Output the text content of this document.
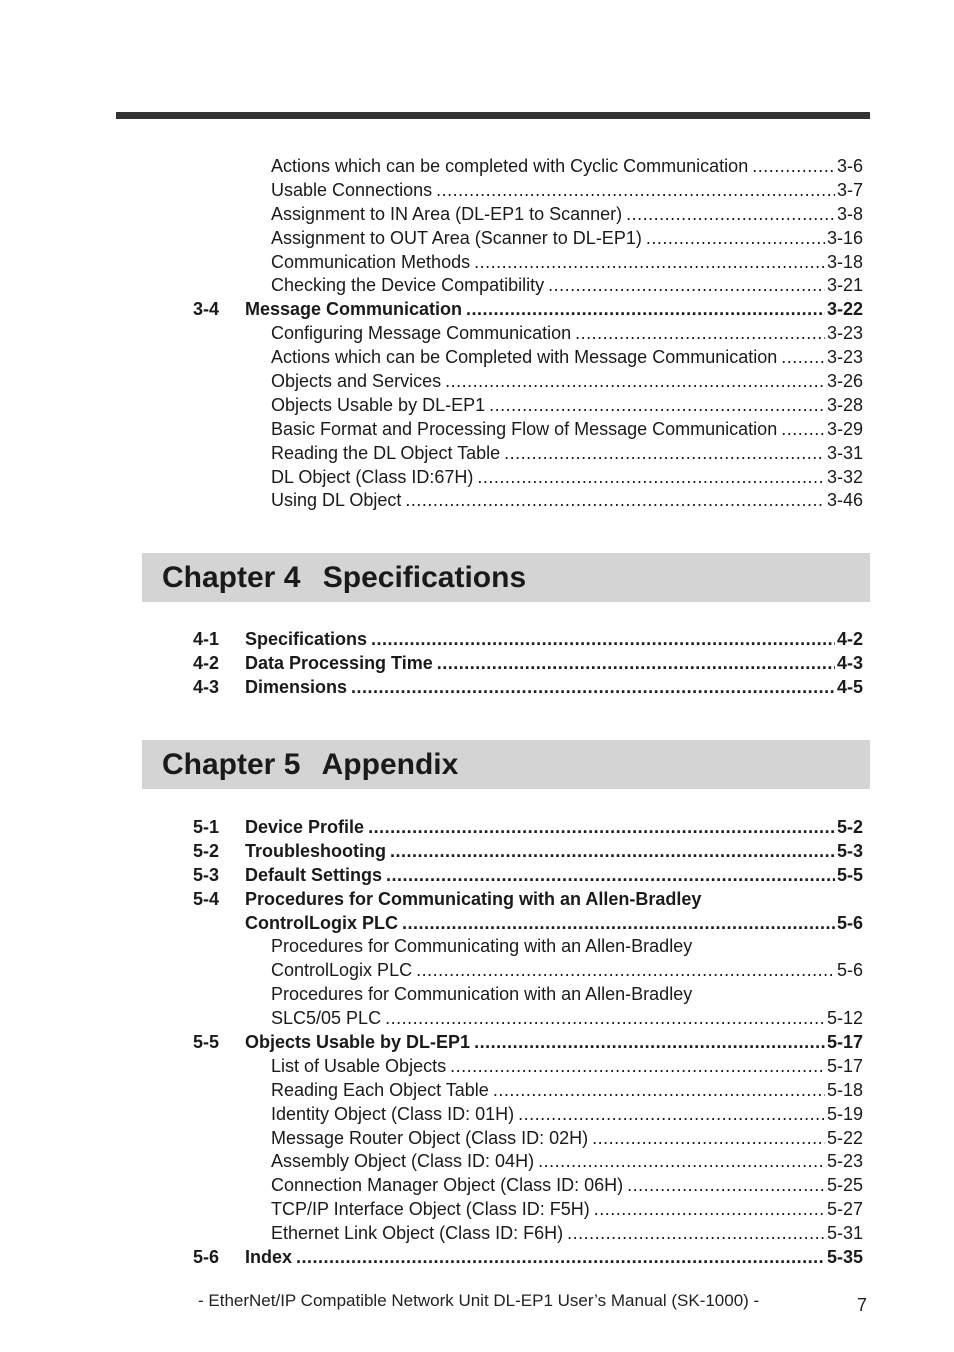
Actions which can be completed with Cyclic Communication .....	3-6
Usable Connections .....	3-7
Assignment to IN Area (DL-EP1 to Scanner) .....	3-8
Assignment to OUT Area (Scanner to DL-EP1) .....	3-16
Communication Methods .....	3-18
Checking the Device Compatibility .....	3-21
3-4	Message Communication .....	3-22
Configuring Message Communication .....	3-23
Actions which can be Completed with Message Communication .....	3-23
Objects and Services .....	3-26
Objects Usable by DL-EP1 .....	3-28
Basic Format and Processing Flow of Message Communication .....	3-29
Reading the DL Object Table .....	3-31
DL Object (Class ID:67H) .....	3-32
Using DL Object .....	3-46
Chapter 4 Specifications
4-1	Specifications .....	4-2
4-2	Data Processing Time .....	4-3
4-3	Dimensions .....	4-5
Chapter 5 Appendix
5-1	Device Profile .....	5-2
5-2	Troubleshooting .....	5-3
5-3	Default Settings .....	5-5
5-4	Procedures for Communicating with an Allen-Bradley
ControlLogix PLC .....	5-6
Procedures for Communicating with an Allen-Bradley
ControlLogix PLC .....	5-6
Procedures for Communication with an Allen-Bradley
SLC5/05 PLC .....	5-12
5-5	Objects Usable by DL-EP1 .....	5-17
List of Usable Objects .....	5-17
Reading Each Object Table .....	5-18
Identity Object (Class ID: 01H) .....	5-19
Message Router Object (Class ID: 02H) .....	5-22
Assembly Object (Class ID: 04H) .....	5-23
Connection Manager Object (Class ID: 06H) .....	5-25
TCP/IP Interface Object (Class ID: F5H) .....	5-27
Ethernet Link Object (Class ID: F6H) .....	5-31
5-6	Index .....	5-35
- EtherNet/IP Compatible Network Unit DL-EP1 User’s Manual (SK-1000) -	7
